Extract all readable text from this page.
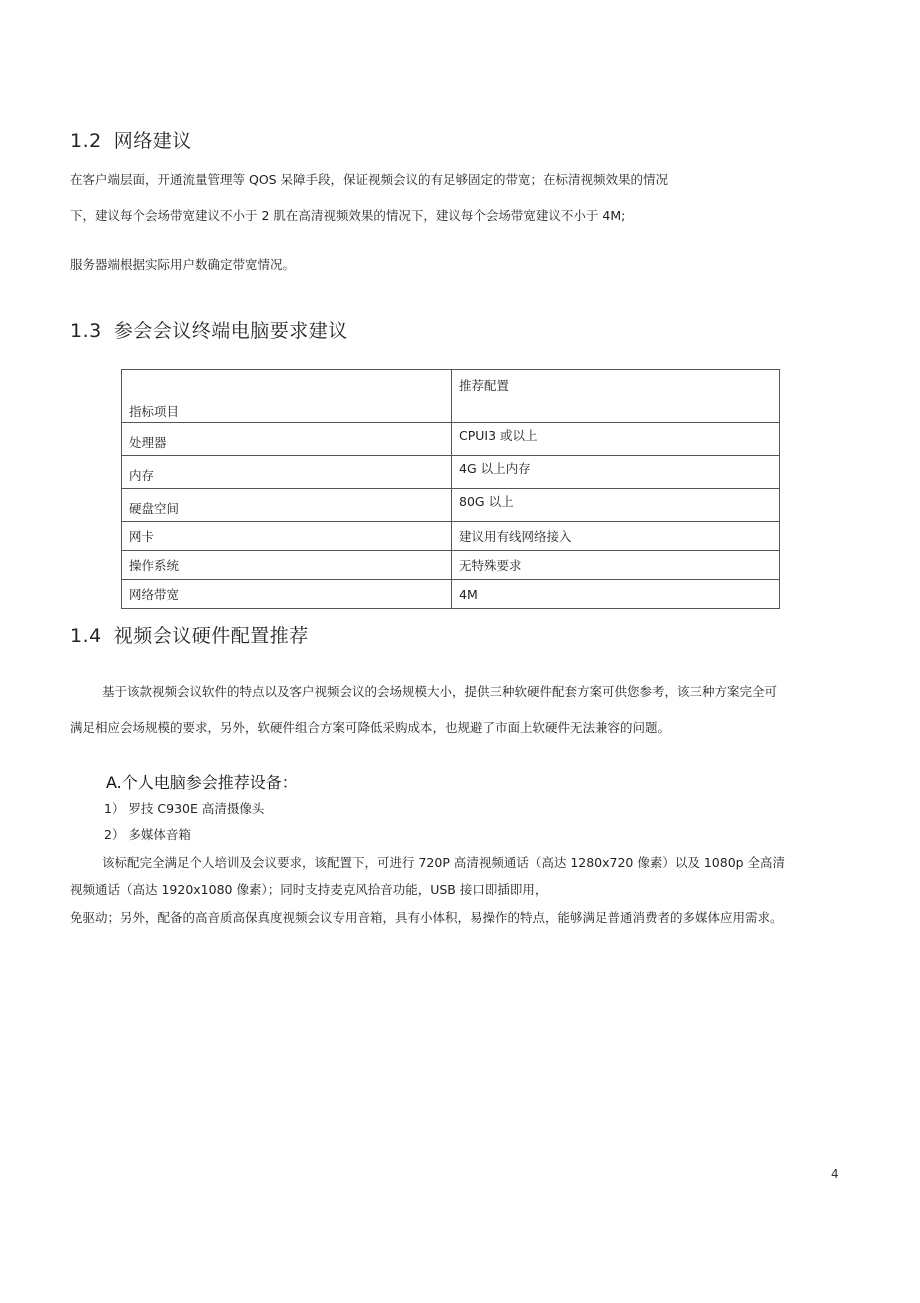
1.2 网络建议
在客户端层面，开通流量管理等 QOS 呆障手段，保证视频会议的有足够固定的带宽；在标清视频效果的情况
下，建议每个会场带宽建议不小于 2 肌在高清视频效果的情况下，建议每个会场带宽建议不小于 4M;
服务器端根据实际用户数确定带宽情况。
1.3 参会会议终端电脑要求建议
指标项目	推荐配置
处理器	CPUI3 或以上
内存	4G 以上内存
硬盘空间	80G 以上
网卡	建议用有线网络接入
操作系统	无特殊要求
网络带宽	4M
1.4 视频会议硬件配置推荐
基于该款视频会议软件的特点以及客户视频会议的会场规模大小，提供三种软硬件配套方案可供您参考，该三种方案完全可
满足相应会场规模的要求，另外，软硬件组合方案可降低采购成本，也规避了市面上软硬件无法兼容的问题。
A.个人电脑参会推荐设备：
1） 罗技 C930E 高清摄像头
2） 多媒体音箱
该标配完全满足个人培训及会议要求，该配置下，可进行 720P 高清视频通话（高达 1280x720 像素）以及 1080p 全高清
视频通话（高达 1920x1080 像素）；同时支持麦克风拾音功能，USB 接口即插即用，
免驱动；另外，配备的高音质高保真度视频会议专用音箱，具有小体积，易操作的特点，能够满足普通消费者的多媒体应用需求。
4
